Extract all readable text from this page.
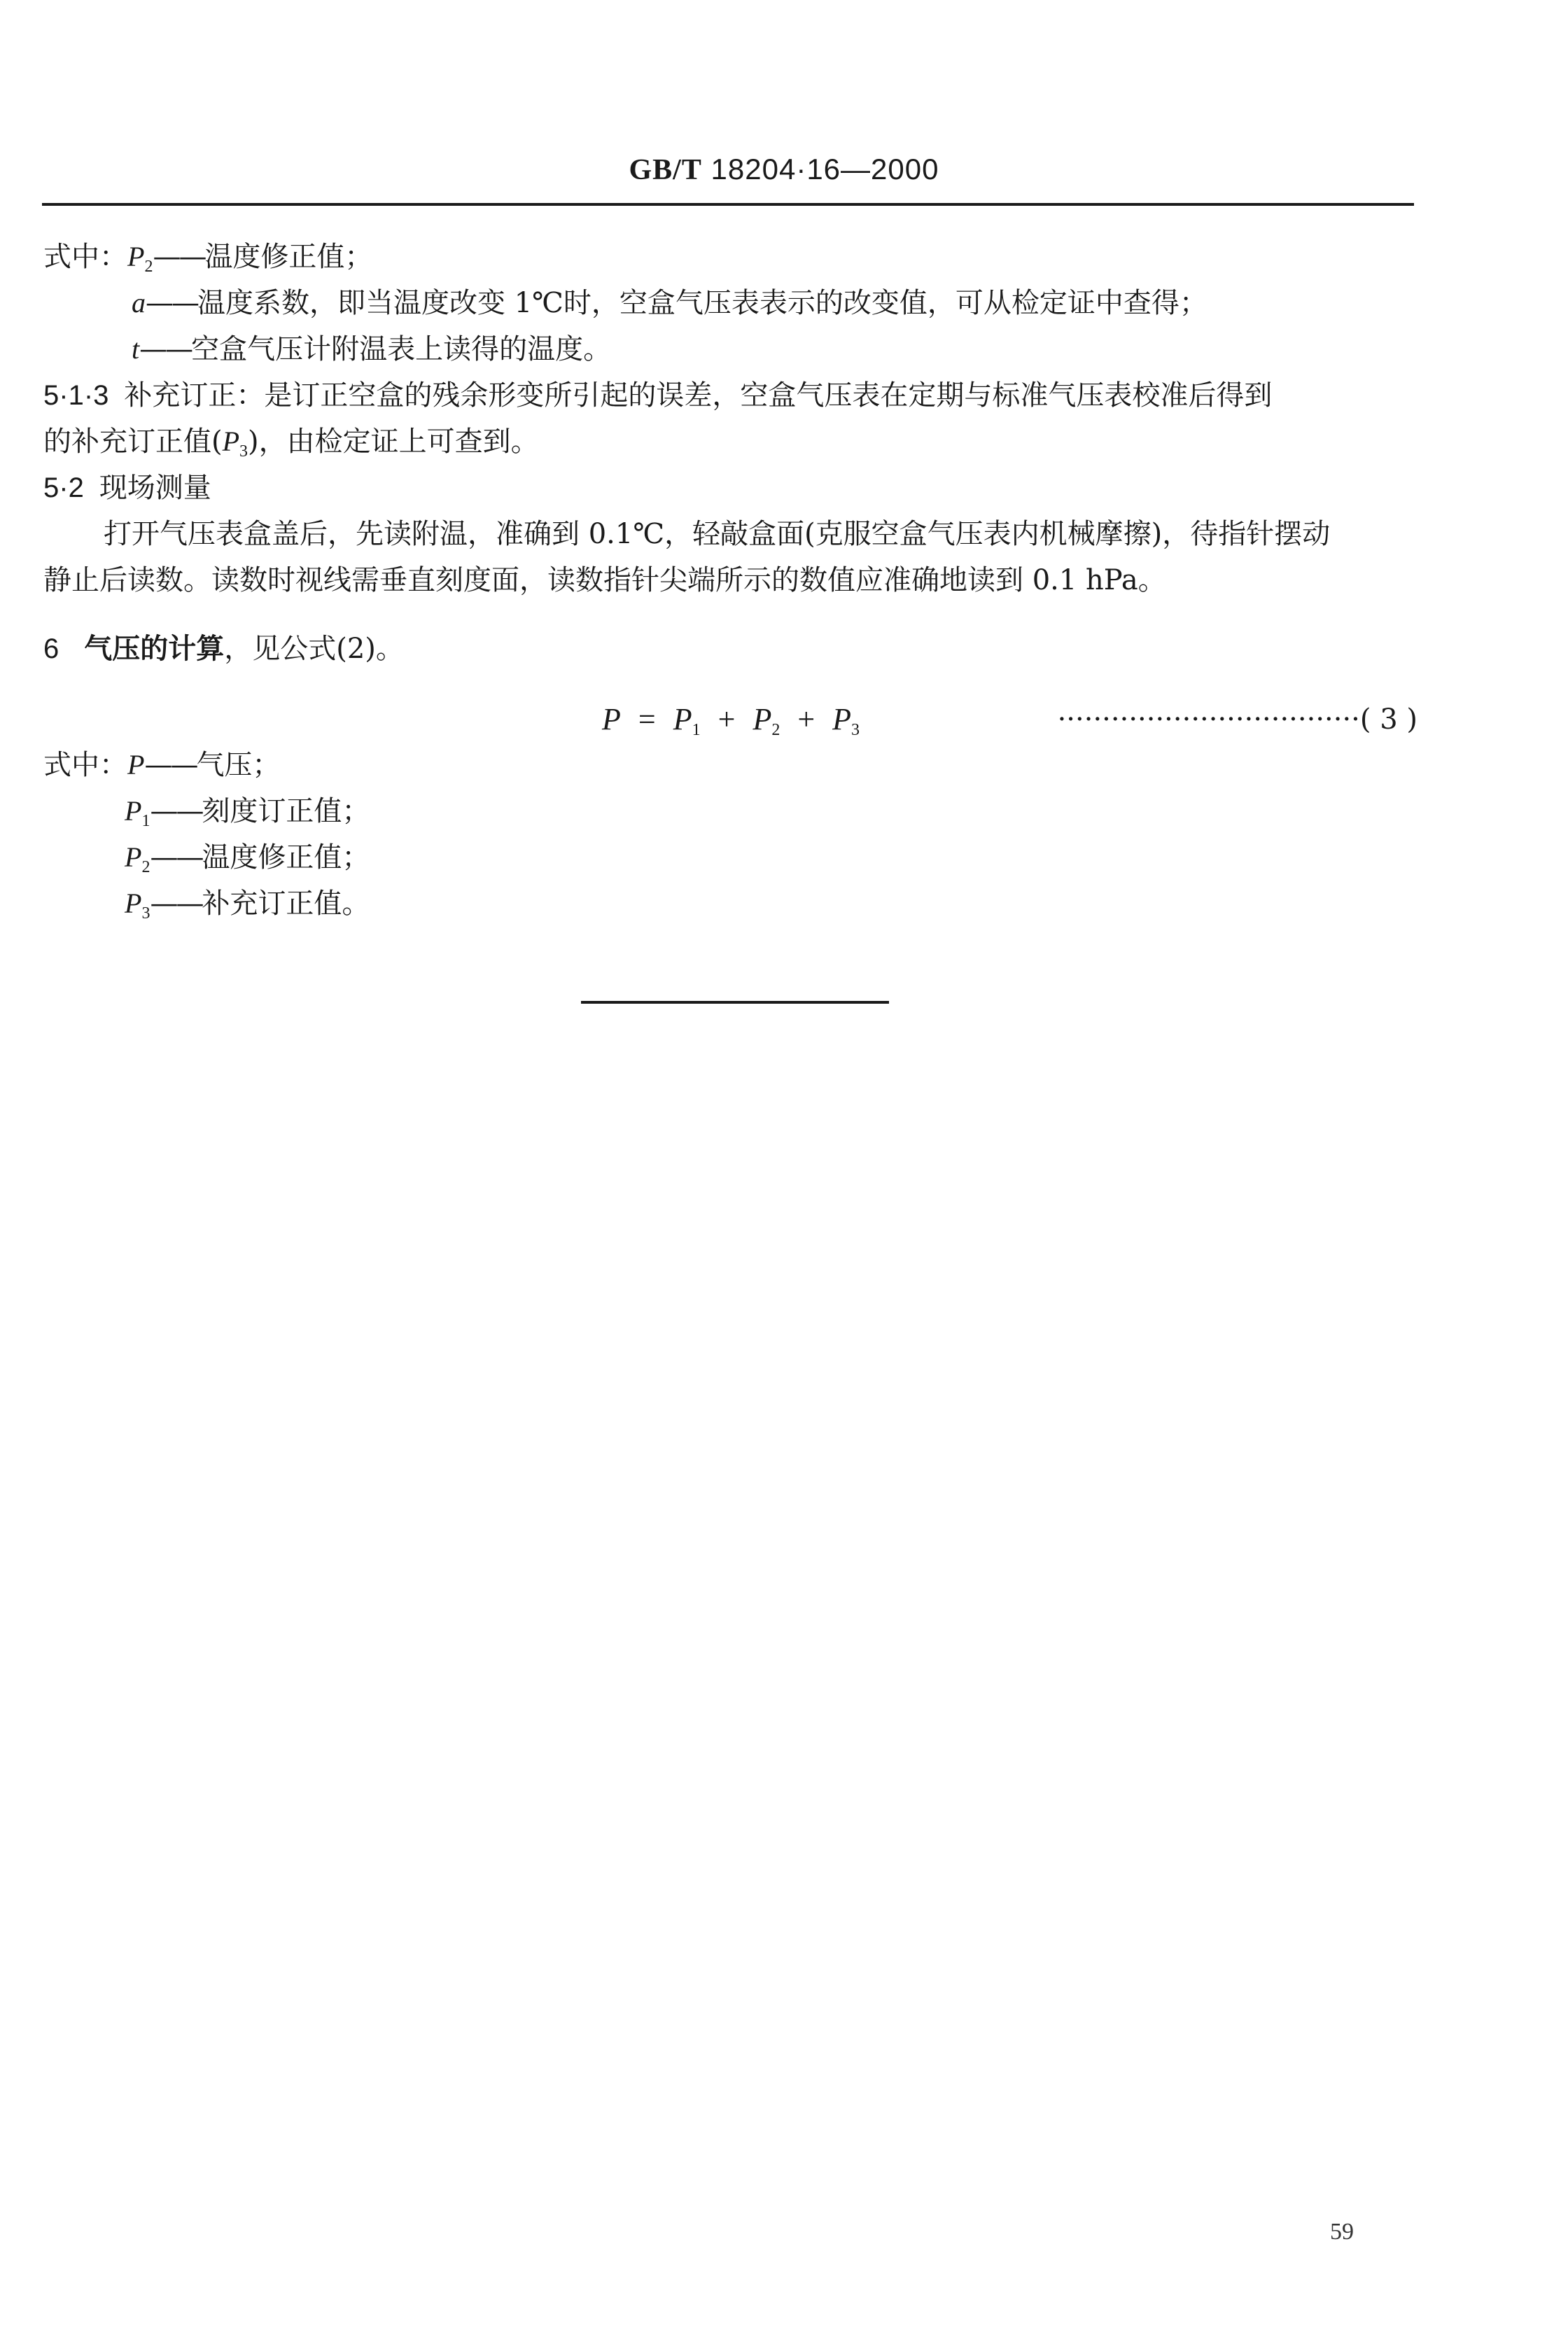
GB/T 18204·16—2000
式中：$P_2——$温度修正值；
a——温度系数，即当温度改变 1℃时，空盒气压表表示的改变值，可从检定证中查得；
t——空盒气压计附温表上读得的温度。
5·1·3 补充订正：是订正空盒的残余形变所引起的误差，空盒气压表在定期与标准气压表校准后得到
的补充订正值$(P_3)$，由检定证上可查到。
5·2 现场测量
打开气压表盒盖后，先读附温，准确到 0.1℃，轻敲盒面(克服空盒气压表内机械摩擦)，待指针摆动
静止后读数。读数时视线需垂直刻度面，读数指针尖端所示的数值应准确地读到 0.1 hPa。
6 气压的计算，见公式(2)。
$P = P_1 + P_2 + P_3$	··································( 3 )
式中：P——气压；
$P_1——$刻度订正值；
$P_2——$温度修正值；
$P_3——$补充订正值。
59
